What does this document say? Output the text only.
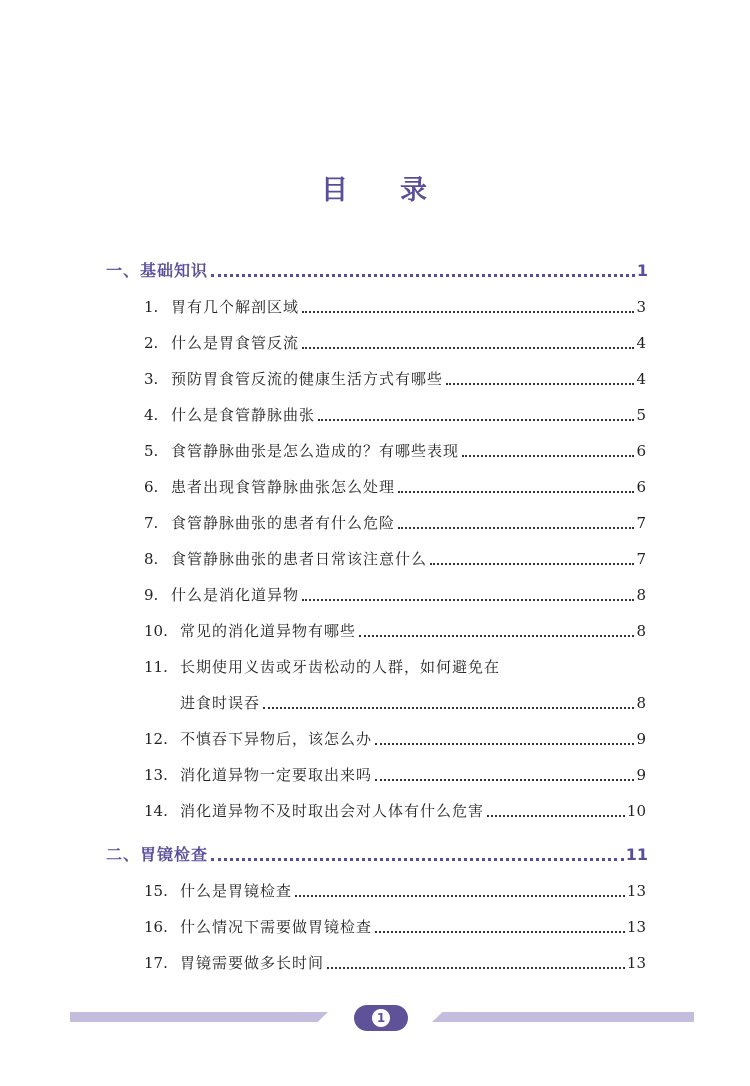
目 录
一、基础知识	1
1. 胃有几个解剖区域	3
2. 什么是胃食管反流	4
3. 预防胃食管反流的健康生活方式有哪些	4
4. 什么是食管静脉曲张	5
5. 食管静脉曲张是怎么造成的？有哪些表现	6
6. 患者出现食管静脉曲张怎么处理	6
7. 食管静脉曲张的患者有什么危险	7
8. 食管静脉曲张的患者日常该注意什么	7
9. 什么是消化道异物	8
10. 常见的消化道异物有哪些	8
11. 长期使用义齿或牙齿松动的人群，如何避免在
进食时误吞	8
12. 不慎吞下异物后，该怎么办	9
13. 消化道异物一定要取出来吗	9
14. 消化道异物不及时取出会对人体有什么危害	10
二、胃镜检查	11
15. 什么是胃镜检查	13
16. 什么情况下需要做胃镜检查	13
17. 胃镜需要做多长时间	13
1
